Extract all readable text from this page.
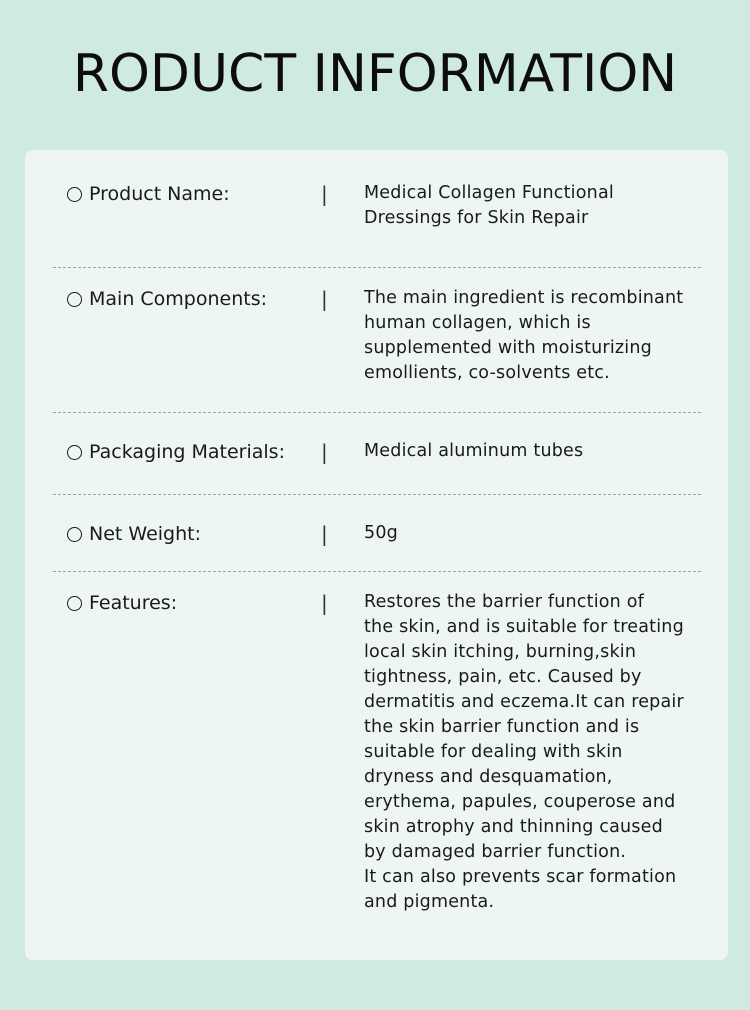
RODUCT INFORMATION
Product Name:	| Medical Collagen Functional
Dressings for Skin Repair
Main Components:	| The main ingredient is recombinant
human collagen, which is
supplemented with moisturizing
emollients, co-solvents etc.
Packaging Materials: | Medical aluminum tubes
Net Weight:	| 50g
Features:	| Restores the barrier function of
the skin, and is suitable for treating
local skin itching, burning,skin
tightness, pain, etc. Caused by
dermatitis and eczema.It can repair
the skin barrier function and is
suitable for dealing with skin
dryness and desquamation,
erythema, papules, couperose and
skin atrophy and thinning caused
by damaged barrier function.
It can also prevents scar formation
and pigmenta.
